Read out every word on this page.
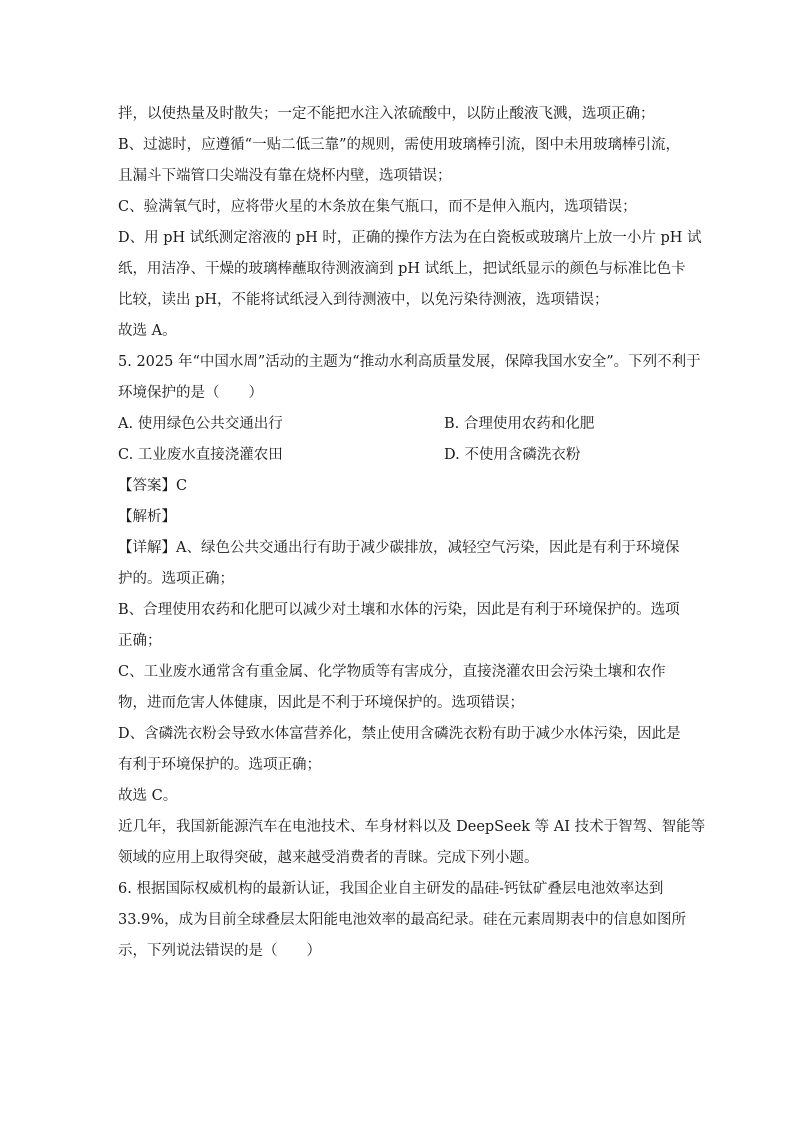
拌，以使热量及时散失；一定不能把水注入浓硫酸中，以防止酸液飞溅，选项正确；
B、过滤时，应遵循“一贴二低三靠”的规则，需使用玻璃棒引流，图中未用玻璃棒引流，
且漏斗下端管口尖端没有靠在烧杯内壁，选项错误；
C、验满氧气时，应将带火星的木条放在集气瓶口，而不是伸入瓶内，选项错误；
D、用 pH 试纸测定溶液的 pH 时，正确的操作方法为在白瓷板或玻璃片上放一小片 pH 试
纸，用洁净、干燥的玻璃棒蘸取待测液滴到 pH 试纸上，把试纸显示的颜色与标准比色卡
比较，读出 pH，不能将试纸浸入到待测液中，以免污染待测液，选项错误；
故选 A。
5. 2025 年“中国水周”活动的主题为“推动水利高质量发展，保障我国水安全”。下列不利于
环境保护的是（　　）
A. 使用绿色公共交通出行	B. 合理使用农药和化肥
C. 工业废水直接浇灌农田	D. 不使用含磷洗衣粉
【答案】C
【解析】
【详解】A、绿色公共交通出行有助于减少碳排放，减轻空气污染，因此是有利于环境保
护的。选项正确；
B、合理使用农药和化肥可以减少对土壤和水体的污染，因此是有利于环境保护的。选项
正确；
C、工业废水通常含有重金属、化学物质等有害成分，直接浇灌农田会污染土壤和农作
物，进而危害人体健康，因此是不利于环境保护的。选项错误；
D、含磷洗衣粉会导致水体富营养化，禁止使用含磷洗衣粉有助于减少水体污染，因此是
有利于环境保护的。选项正确；
故选 C。
近几年，我国新能源汽车在电池技术、车身材料以及 DeepSeek 等 AI 技术于智驾、智能等
领域的应用上取得突破，越来越受消费者的青睐。完成下列小题。
6. 根据国际权威机构的最新认证，我国企业自主研发的晶硅-钙钛矿叠层电池效率达到
33.9%，成为目前全球叠层太阳能电池效率的最高纪录。硅在元素周期表中的信息如图所
示，下列说法错误的是（　　）
